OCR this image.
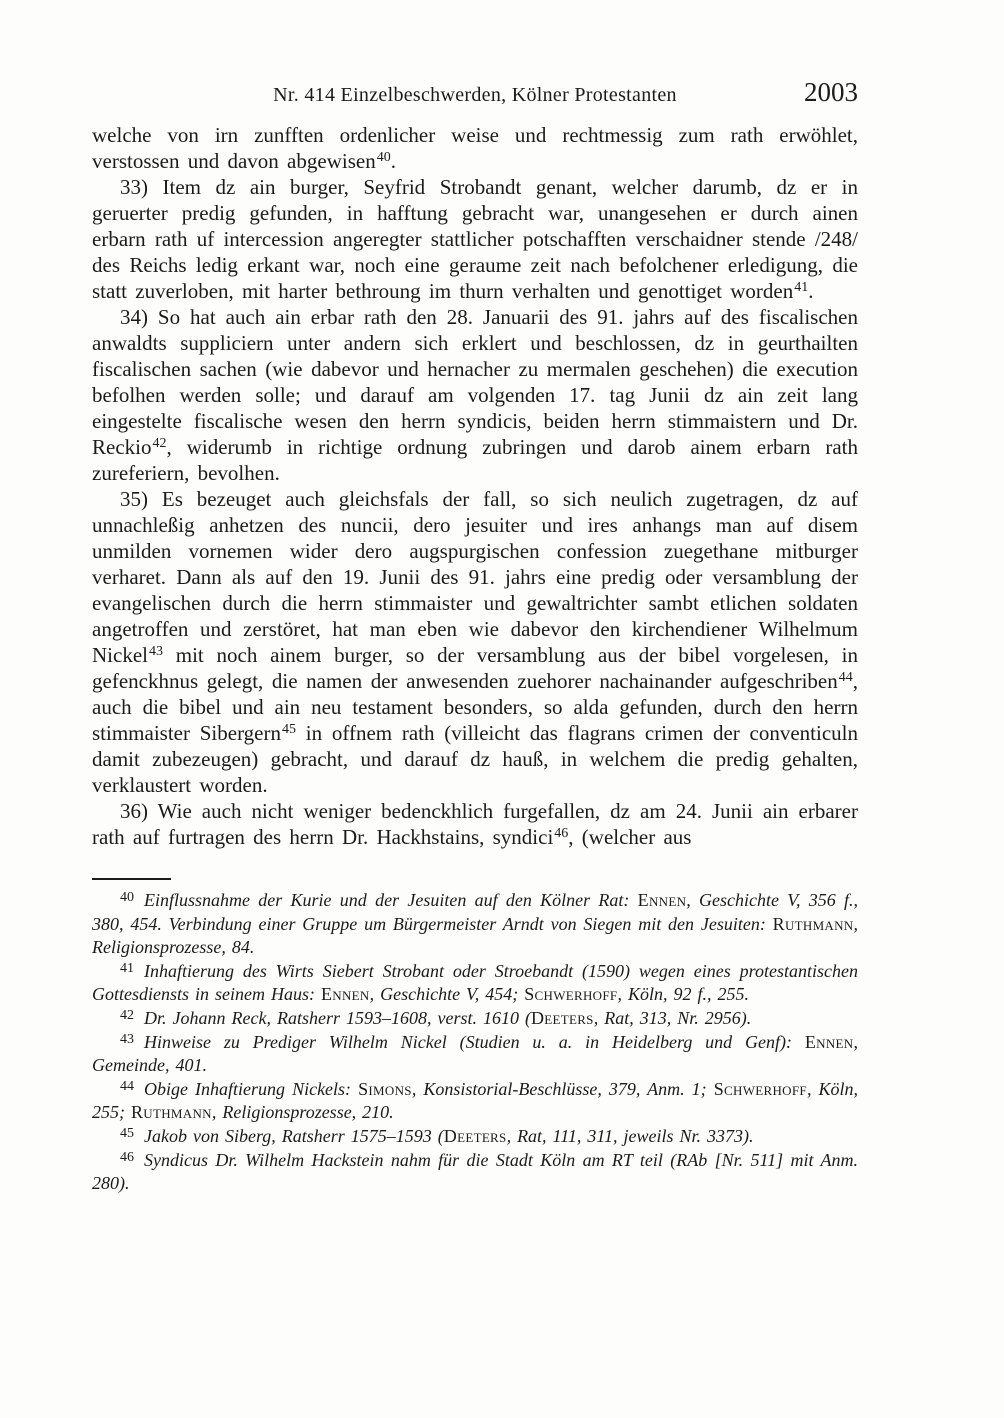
Nr. 414 Einzelbeschwerden, Kölner Protestanten	2003

welche von irn zunfften ordenlicher weise und rechtmessig zum rath erwöhlet, verstossen und davon abgewisen$^{40}$.

33) Item dz ain burger, Seyfrid Strobandt genant, welcher darumb, dz er in geruerter predig gefunden, in hafftung gebracht war, unangesehen er durch ainen erbarn rath uf intercession angeregter stattlicher potschafften verschaidner stende /248/ des Reichs ledig erkant war, noch eine geraume zeit nach befolchener erledigung, die statt zuverloben, mit harter bethroung im thurn verhalten und genottiget worden$^{41}$.

34) So hat auch ain erbar rath den 28. Januarii des 91. jahrs auf des fiscalischen anwaldts suppliciern unter andern sich erklert und beschlossen, dz in geurthailten fiscalischen sachen (wie dabevor und hernacher zu mermalen geschehen) die execution befolhen werden solle; und darauf am volgenden 17. tag Junii dz ain zeit lang eingestelte fiscalische wesen den herrn syndicis, beiden herrn stimmaistern und Dr. Reckio$^{42}$, widerumb in richtige ordnung zubringen und darob ainem erbarn rath zureferiern, bevolhen.

35) Es bezeuget auch gleichsfals der fall, so sich neulich zugetragen, dz auf unnachleßig anhetzen des nuncii, dero jesuiter und ires anhangs man auf disem unmilden vornemen wider dero augspurgischen confession zuegethane mitburger verharet. Dann als auf den 19. Junii des 91. jahrs eine predig oder versamblung der evangelischen durch die herrn stimmaister und gewaltrichter sambt etlichen soldaten angetroffen und zerstöret, hat man eben wie dabevor den kirchendiener Wilhelmum Nickel$^{43}$ mit noch ainem burger, so der versamblung aus der bibel vorgelesen, in gefenckhnus gelegt, die namen der anwesenden zuehorer nachainander aufgeschriben$^{44}$, auch die bibel und ain neu testament besonders, so alda gefunden, durch den herrn stimmaister Sibergern$^{45}$ in offnem rath (villeicht das flagrans crimen der conventiculn damit zubezeugen) gebracht, und darauf dz hauß, in welchem die predig gehalten, verklaustert worden.

36) Wie auch nicht weniger bedenckhlich furgefallen, dz am 24. Junii ain erbarer rath auf furtragen des herrn Dr. Hackhstains, syndici$^{46}$, (welcher aus

$^{40}$ Einflussnahme der Kurie und der Jesuiten auf den Kölner Rat: Ennen, Geschichte V, 356 f., 380, 454. Verbindung einer Gruppe um Bürgermeister Arndt von Siegen mit den Jesuiten: Ruthmann, Religionsprozesse, 84.

$^{41}$ Inhaftierung des Wirts Siebert Strobant oder Stroebandt (1590) wegen eines protestantischen Gottesdiensts in seinem Haus: Ennen, Geschichte V, 454; Schwerhoff, Köln, 92 f., 255.

$^{42}$ Dr. Johann Reck, Ratsherr 1593–1608, verst. 1610 (Deeters, Rat, 313, Nr. 2956).

$^{43}$ Hinweise zu Prediger Wilhelm Nickel (Studien u. a. in Heidelberg und Genf): Ennen, Gemeinde, 401.

$^{44}$ Obige Inhaftierung Nickels: Simons, Konsistorial-Beschlüsse, 379, Anm. 1; Schwerhoff, Köln, 255; Ruthmann, Religionsprozesse, 210.

$^{45}$ Jakob von Siberg, Ratsherr 1575–1593 (Deeters, Rat, 111, 311, jeweils Nr. 3373).

$^{46}$ Syndicus Dr. Wilhelm Hackstein nahm für die Stadt Köln am RT teil (RAb [Nr. 511] mit Anm. 280).
